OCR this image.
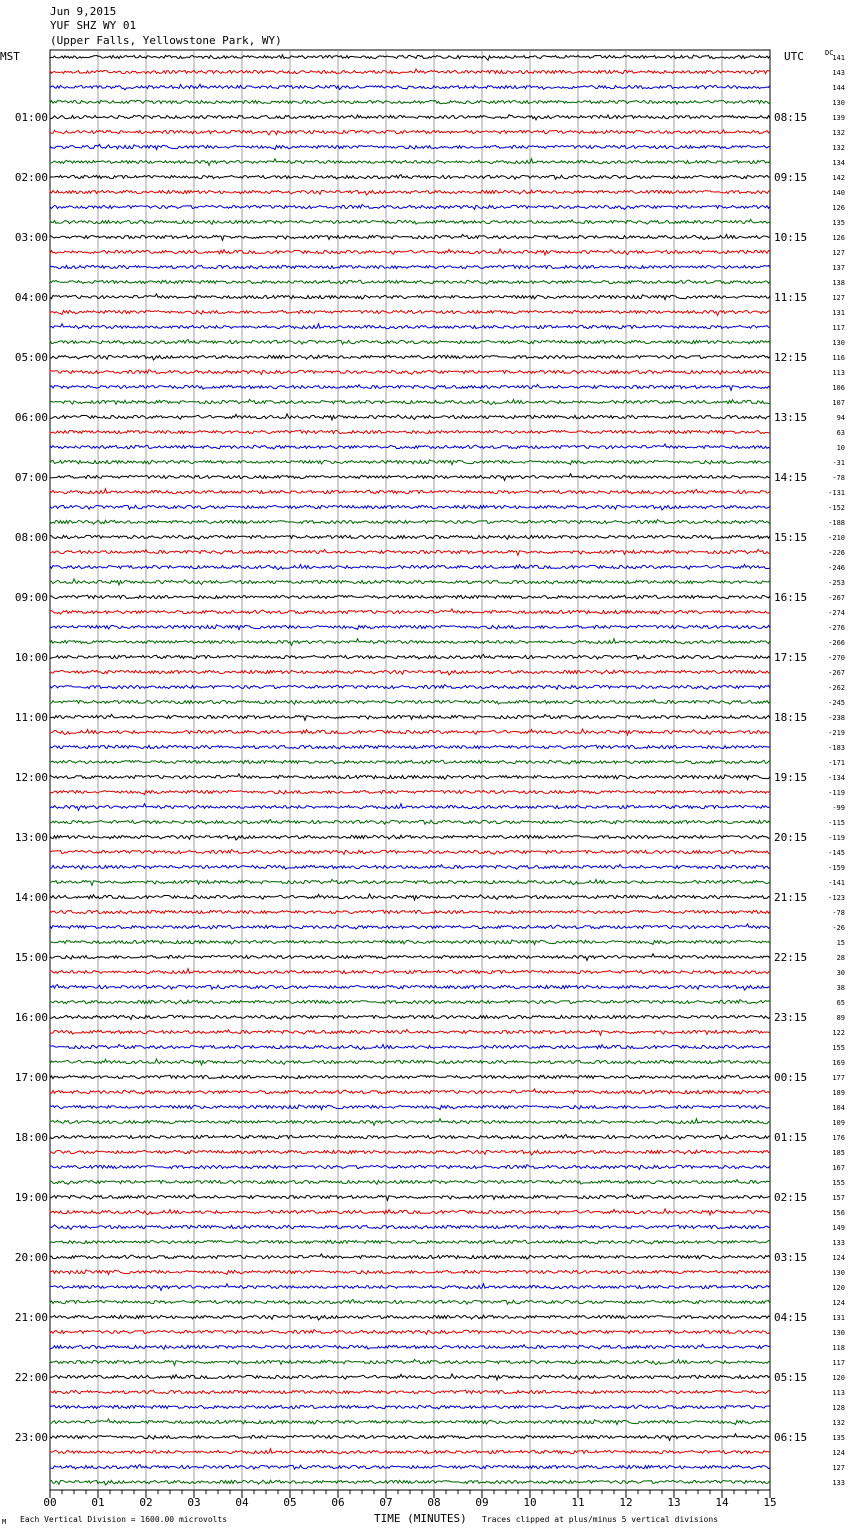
00	01	02	03	04	05	06	07	08	09	10	11	12	13	14	15
01:00
02:00
03:00
04:00
05:00
06:00
07:00
08:00
09:00
10:00
11:00
12:00
13:00
14:00
15:00
16:00
17:00
18:00
19:00
20:00
21:00
22:00
23:00
08:15
09:15
10:15
11:15
12:15
13:15
14:15
15:15
16:15
17:15
18:15
19:15
20:15
21:15
22:15
23:15
00:15
01:15
02:15
03:15
04:15
05:15
06:15
141
143
144
130
139
132
132
134
142
140
126
135
126
127
137
138
127
131
117
130
116
113
106
107
94
63
10
-31
-78
-131
-152
-188
-210
-226
-246
-253
-267
-274
-276
-266
-270
-267
-262
-245
-238
-219
-183
-171
-134
-119
-99
-115
-119
-145
-159
-141
-123
-78
-26
15
28
30
38
65
89
122
155
169
177
189
104
109
176
185
167
155
157
156
149
133
124
130
120
124
131
130
118
117
120
113
128
132
135
124
127
133
Jun 9,2015
YUF SHZ WY 01
(Upper Falls, Yellowstone Park, WY)
MST	UTC	DC
TIME (MINUTES)
M Each Vertical Division = 1600.00 microvolts	Traces clipped at plus/minus 5 vertical divisions
